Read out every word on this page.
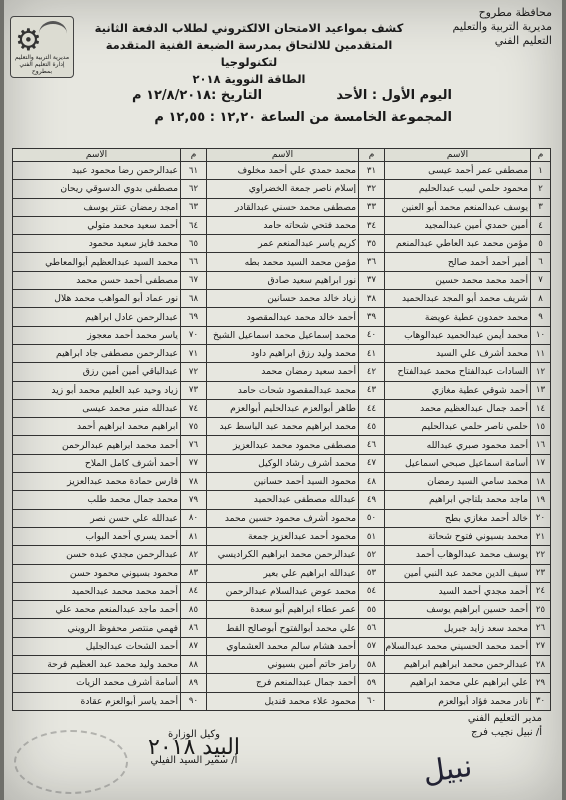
⚙
مديرية التربية والتعليم إدارة التعليم الفني بمطروح
محافظة مطروح
مديرية التربية والتعليم
التعليم الفني
كشف بمواعيد الامتحان الالكتروني لطلاب الدفعة الثانية
المتقدمين للالتحاق بمدرسة الضبعة الفنية المتقدمة لتكنولوجيا
الطاقة النووية ٢٠١٨
اليوم الأول : الأحد
التاريخ :١٢/٨/٢٠١٨ م
المجموعة الخامسة من الساعة ١٢,٢٠ : ١٢,٥٥ م
م	الاسم	م	الاسم	م	الاسم
١	مصطفى عمر أحمد عيسى	٣١	محمد حمدي علي أحمد مخلوف	٦١	عبدالرحمن رضا محمود عبيد
٢	محمود حلمي لبيب عبدالحليم	٣٢	إسلام ناصر جمعة الخضراوي	٦٢	مصطفى بدوي الدسوقي ريحان
٣	يوسف عبدالمنعم محمد أبو العنين	٣٣	مصطفى محمد حسني عبدالقادر	٦٣	امجد رمضان عنتر يوسف
٤	أمين حمدي أمين عبدالمجيد	٣٤	محمد فتحي شحاته حامد	٦٤	أحمد سعيد محمد متولي
٥	مؤمن محمد عبد العاطي عبدالمنعم	٣٥	كريم ياسر عبدالمنعم عمر	٦٥	محمد فايز سعيد محمود
٦	أمير أحمد أحمد صالح	٣٦	مؤمن محمد السيد محمد بطه	٦٦	محمد السيد عبدالعظيم أبوالمعاطي
٧	أحمد محمد محمد حسين	٣٧	نور ابراهيم سعيد صادق	٦٧	مصطفى أحمد حسن محمد
٨	شريف محمد أبو المجد عبدالحميد	٣٨	زياد خالد محمد حسانين	٦٨	نور عماد أبو المواهب محمد هلال
٩	محمد حمدون عطية عويضة	٣٩	أحمد خالد محمد عبدالمقصود	٦٩	عبدالرحمن عادل ابراهيم
١٠	محمد أيمن عبدالحميد عبدالوهاب	٤٠	محمد إسماعيل محمد اسماعيل الشيخ	٧٠	ياسر محمد أحمد معجوز
١١	محمد أشرف علي السيد	٤١	محمد وليد رزق ابراهيم داود	٧١	عبدالرحمن مصطفى جاد ابراهيم
١٢	السادات عبدالفتاح محمد عبدالفتاح	٤٢	أحمد سعيد رمضان محمد	٧٢	عبدالباقي أمين أمين رزق
١٣	أحمد شوقي عطية مغازي	٤٣	محمد عبدالمقصود شحات حامد	٧٣	زياد وحيد عبد العليم محمد أبو زيد
١٤	أحمد جمال عبدالعظيم محمد	٤٤	طاهر أبوالعزم عبدالحليم أبوالعزم	٧٤	عبدالله منير محمد عيسى
١٥	حلمي ناصر حلمي عبدالحليم	٤٥	محمد ابراهيم محمد عبد الباسط عبد	٧٥	ابراهيم محمد ابراهيم أحمد
١٦	أحمد محمود صبري عبدالله	٤٦	مصطفى محمود محمد عبدالعزيز	٧٦	أحمد محمد ابراهيم عبدالرحمن
١٧	أسامة اسماعيل صبحي اسماعيل	٤٧	محمد أشرف رشاد الوكيل	٧٧	أحمد أشرف كامل الملاح
١٨	محمد سامي السيد رمضان	٤٨	محمود السيد أحمد حسانين	٧٨	فارس حمادة محمد عبدالعزيز
١٩	ماجد محمد بلتاجي ابراهيم	٤٩	عبدالله مصطفى عبدالحميد	٧٩	محمد جمال محمد طلب
٢٠	خالد أحمد مغازي بطح	٥٠	محمود أشرف محمود حسين محمد	٨٠	عبدالله علي حسن نصر
٢١	محمد بسيوني فتوح شحاتة	٥١	محمود أحمد عبدالعزيز جمعة	٨١	أحمد يسري أحمد البواب
٢٢	يوسف محمد عبدالوهاب أحمد	٥٢	عبدالرحمن محمد ابراهيم الكراديسي	٨٢	عبدالرحمن مجدي عبده حسن
٢٣	سيف الدين محمد عبد النبي أمين	٥٣	عبدالله ابراهيم علي بعير	٨٣	محمود بسيوني محمود حسن
٢٤	أحمد مجدي أحمد السيد	٥٤	محمد عوض عبدالسلام عبدالرحمن	٨٤	أحمد محمد محمد عبدالحميد
٢٥	أحمد حسين ابراهيم يوسف	٥٥	عمر عطاء ابراهيم أبو سعدة	٨٥	أحمد ماجد عبدالمنعم محمد علي
٢٦	محمد سعد زايد جبريل	٥٦	علي محمد أبوالفتوح أبوصالح القط	٨٦	فهمي منتصر محفوظ الرويني
٢٧	أحمد محمد الحسيني محمد عبدالسلام	٥٧	أحمد هشام سالم محمد العشماوي	٨٧	أحمد الشحات عبدالجليل
٢٨	عبدالرحمن محمد ابراهيم ابراهيم	٥٨	رامز حاتم أمين بسيوني	٨٨	محمد وليد محمد عبد العظيم فرحة
٢٩	علي ابراهيم علي محمد ابراهيم	٥٩	أحمد جمال عبدالمنعم فرج	٨٩	أسامة أشرف محمد الزيات
٣٠	نادر محمد فؤاد أبوالعزم	٦٠	محمود علاء محمد قنديل	٩٠	أحمد ياسر أبوالعزم عقادة
مدير التعليم الفني
أ/ نبيل نجيب فرج
نبيل
وكيل الوزارة
البيد ٢٠١٨
أ/ سمير السيد الفيلي
